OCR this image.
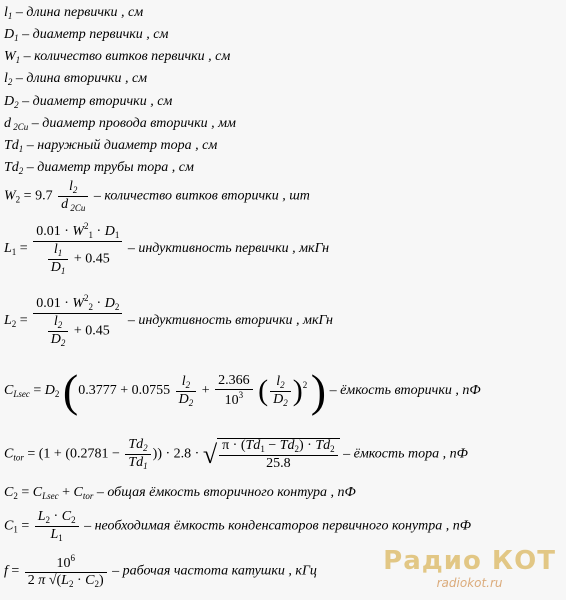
$l_1$ – длина первички , см
$D_1$ – диаметр первички , см
$W_1$ – количество витков первички , см
$l_2$ – длина вторички , см
$D_2$ – диаметр вторички , см
d $_{2Cu}$ – диаметр провода вторички , мм
$Td_1$ – наружный диаметр тора , см
$Td_2$ – диаметр трубы тора , см
$W_2 = 9.7 \frac{l_2}{d _{2Cu}}$ – количество витков вторички , шт
$L_1 = \frac{0.01 \cdot W^2_1 \cdot D_1}{\frac{l_1}{D_1} + 0.45}$ – индуктивность первички , мкГн
$L_2 = \frac{0.01 \cdot W^2_2 \cdot D_2}{\frac{l_2}{D_2} + 0.45}$ – индуктивность вторички , мкГн
$C_{Lsec} = D_2$ ($0.3777 + 0.0755 \frac{l_2}{D_2} + \frac{2.366}{10^3}$ ( $\frac{l_2}{D_2} )^2$ ) – ёмкость вторички , пФ
$C_{tor} = (1 + (0.2781 - \frac{Td_2}{Td_1}$ )) · 2.8 · √ $\frac{\pi \cdot (Td_1 - Td_2) \cdot Td_2}{25.8}$ – ёмкость тора , пФ
$C_2 = C_{Lsec} + C_{tor}$ – общая ёмкость вторичного контура , пФ
$C_1 = \frac{L_2 \cdot C_2}{L_1}$ – необходимая ёмкость конденсаторов первичного конутра , пФ
$f = \frac{10^6}{2 \pi √(L_2 \cdot C_2)}$ – рабочая частота катушки , кГц	Радио КОТ
radiokot.ru
